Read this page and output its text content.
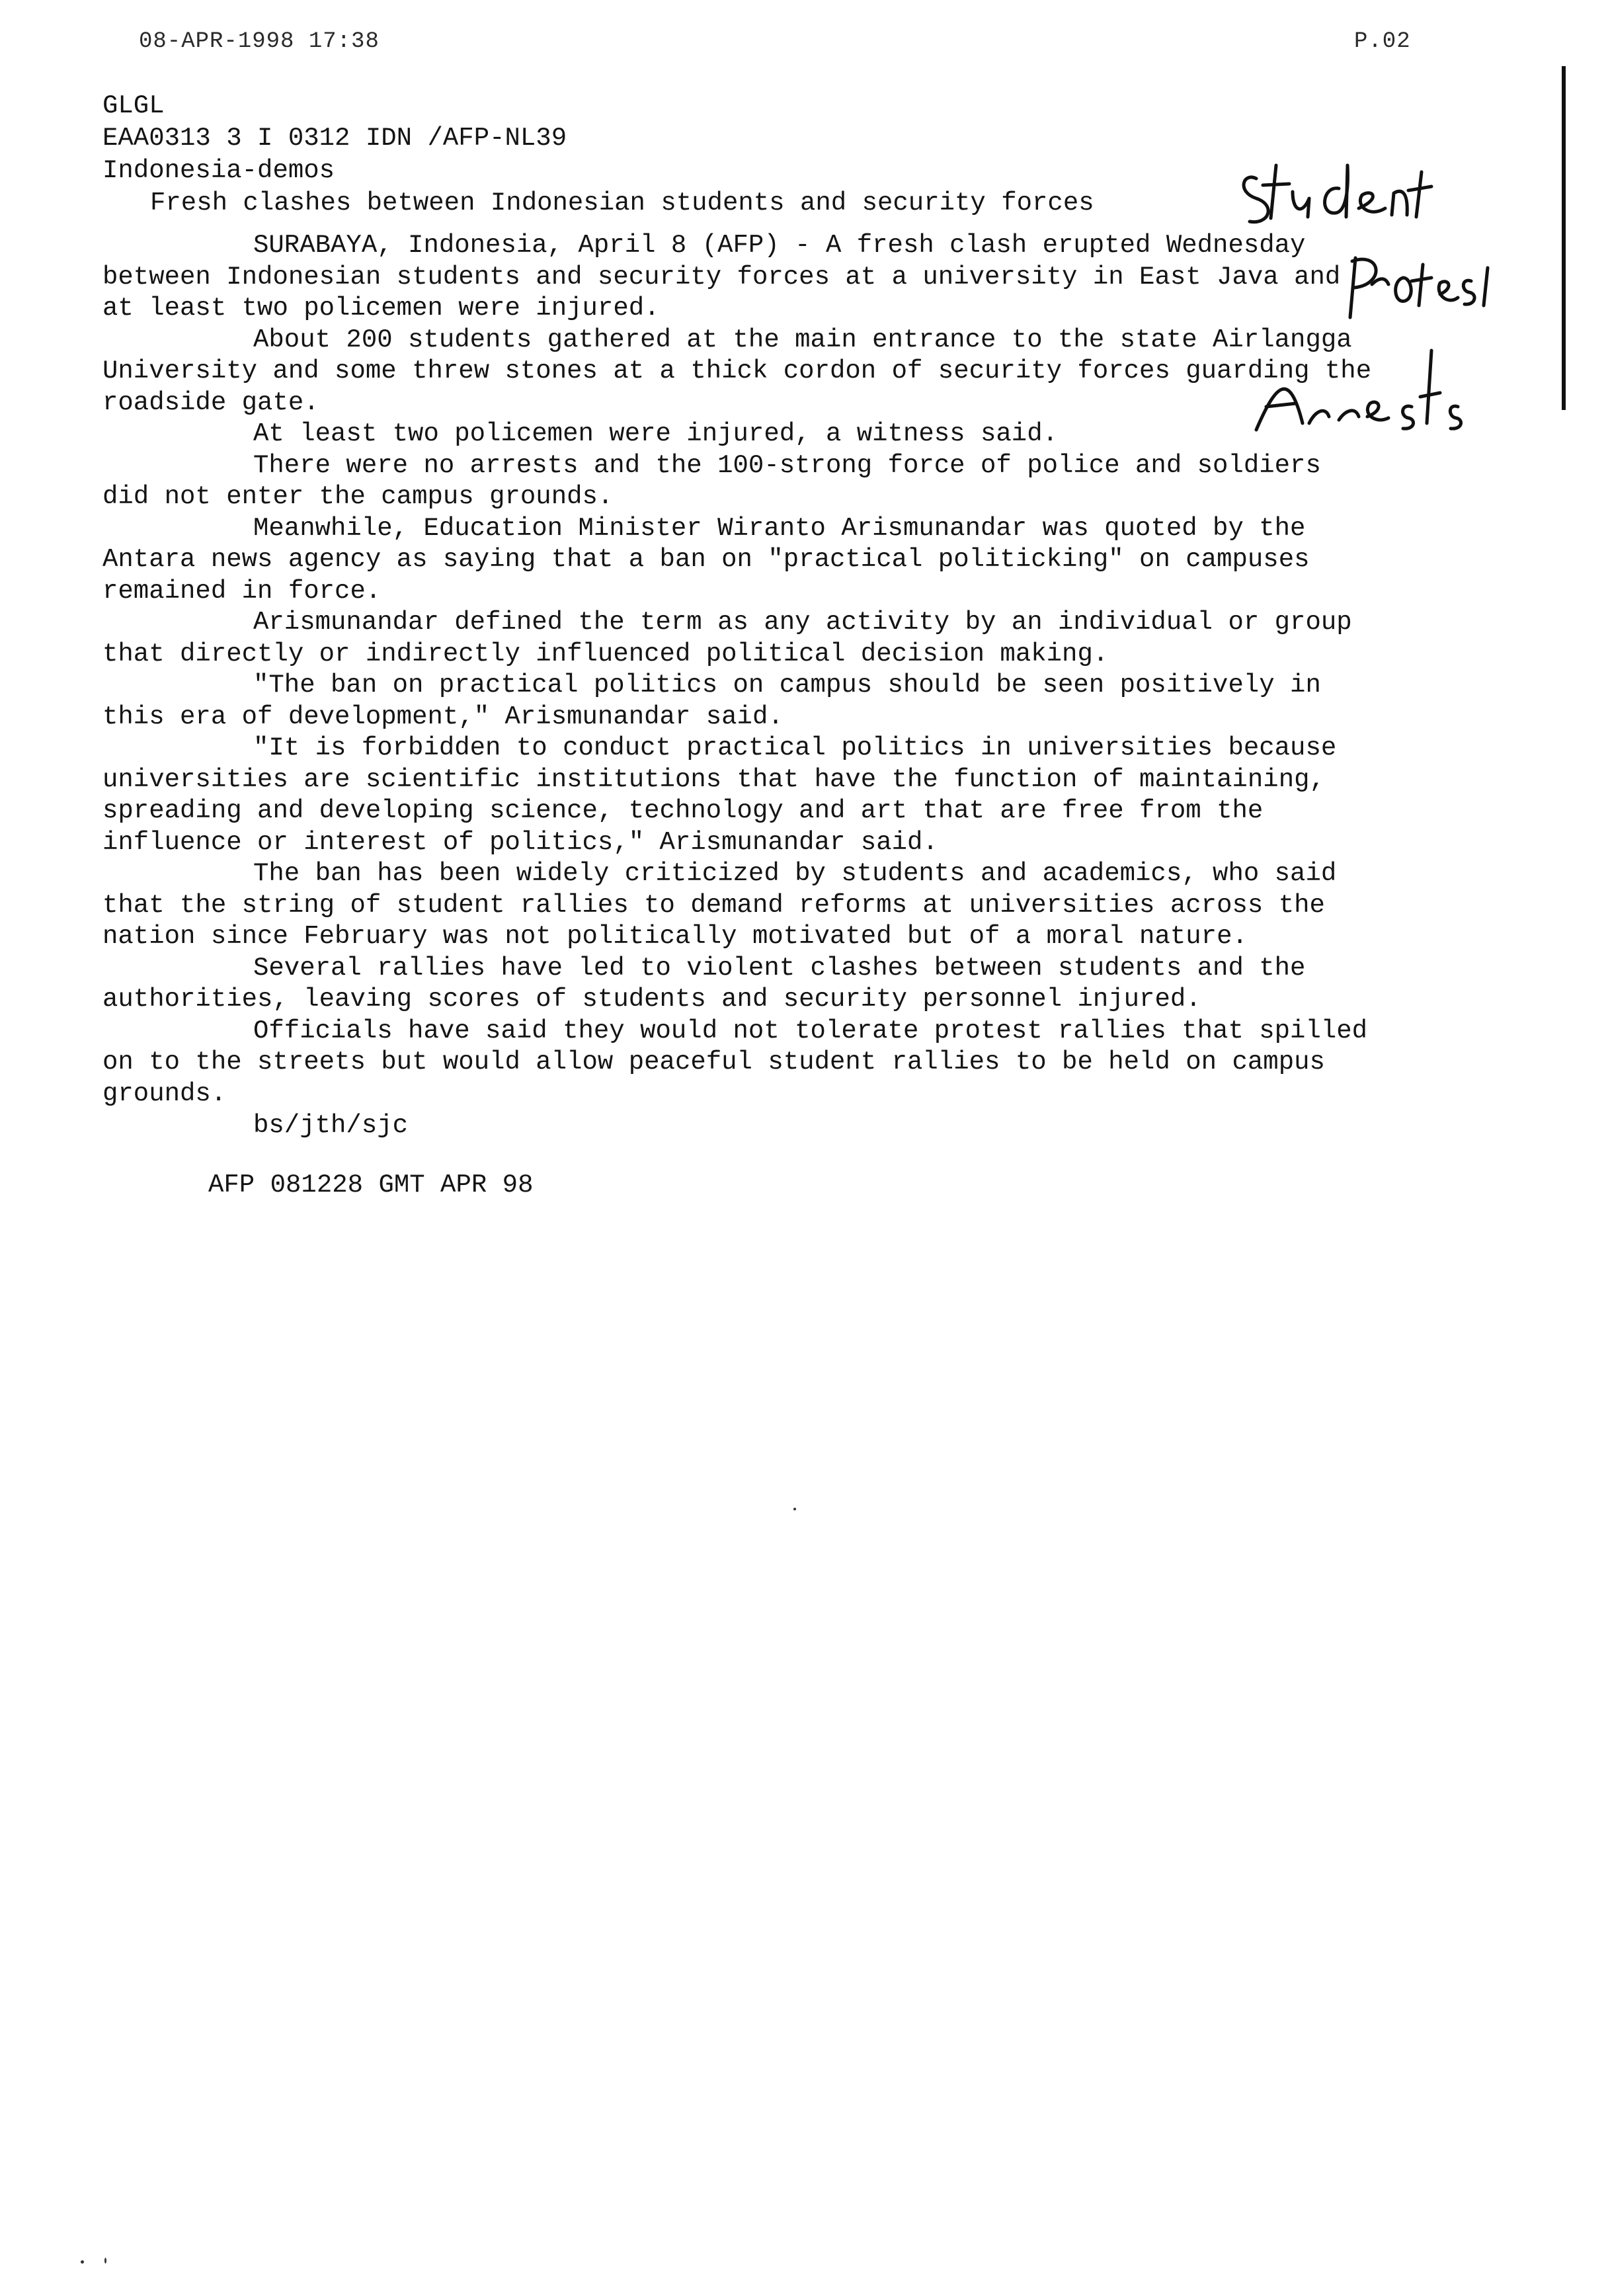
08-APR-1998 17:38	P.02

GLGL

EAA0313 3 I 0312 IDN /AFP-NL39

Indonesia-demos

Fresh clashes between Indonesian students and security forces

SURABAYA, Indonesia, April 8 (AFP) - A fresh clash erupted Wednesday between Indonesian students and security forces at a university in East Java and at least two policemen were injured.

About 200 students gathered at the main entrance to the state Airlangga University and some threw stones at a thick cordon of security forces guarding the roadside gate.

At least two policemen were injured, a witness said.

There were no arrests and the 100-strong force of police and soldiers did not enter the campus grounds.

Meanwhile, Education Minister Wiranto Arismunandar was quoted by the Antara news agency as saying that a ban on "practical politicking" on campuses remained in force.

Arismunandar defined the term as any activity by an individual or group that directly or indirectly influenced political decision making.

"The ban on practical politics on campus should be seen positively in this era of development," Arismunandar said.

"It is forbidden to conduct practical politics in universities because universities are scientific institutions that have the function of maintaining, spreading and developing science, technology and art that are free from the influence or interest of politics," Arismunandar said.

The ban has been widely criticized by students and academics, who said that the string of student rallies to demand reforms at universities across the nation since February was not politically motivated but of a moral nature.

Several rallies have led to violent clashes between students and the authorities, leaving scores of students and security personnel injured.

Officials have said they would not tolerate protest rallies that spilled on to the streets but would allow peaceful student rallies to be held on campus grounds.

bs/jth/sjc

AFP 081228 GMT APR 98
